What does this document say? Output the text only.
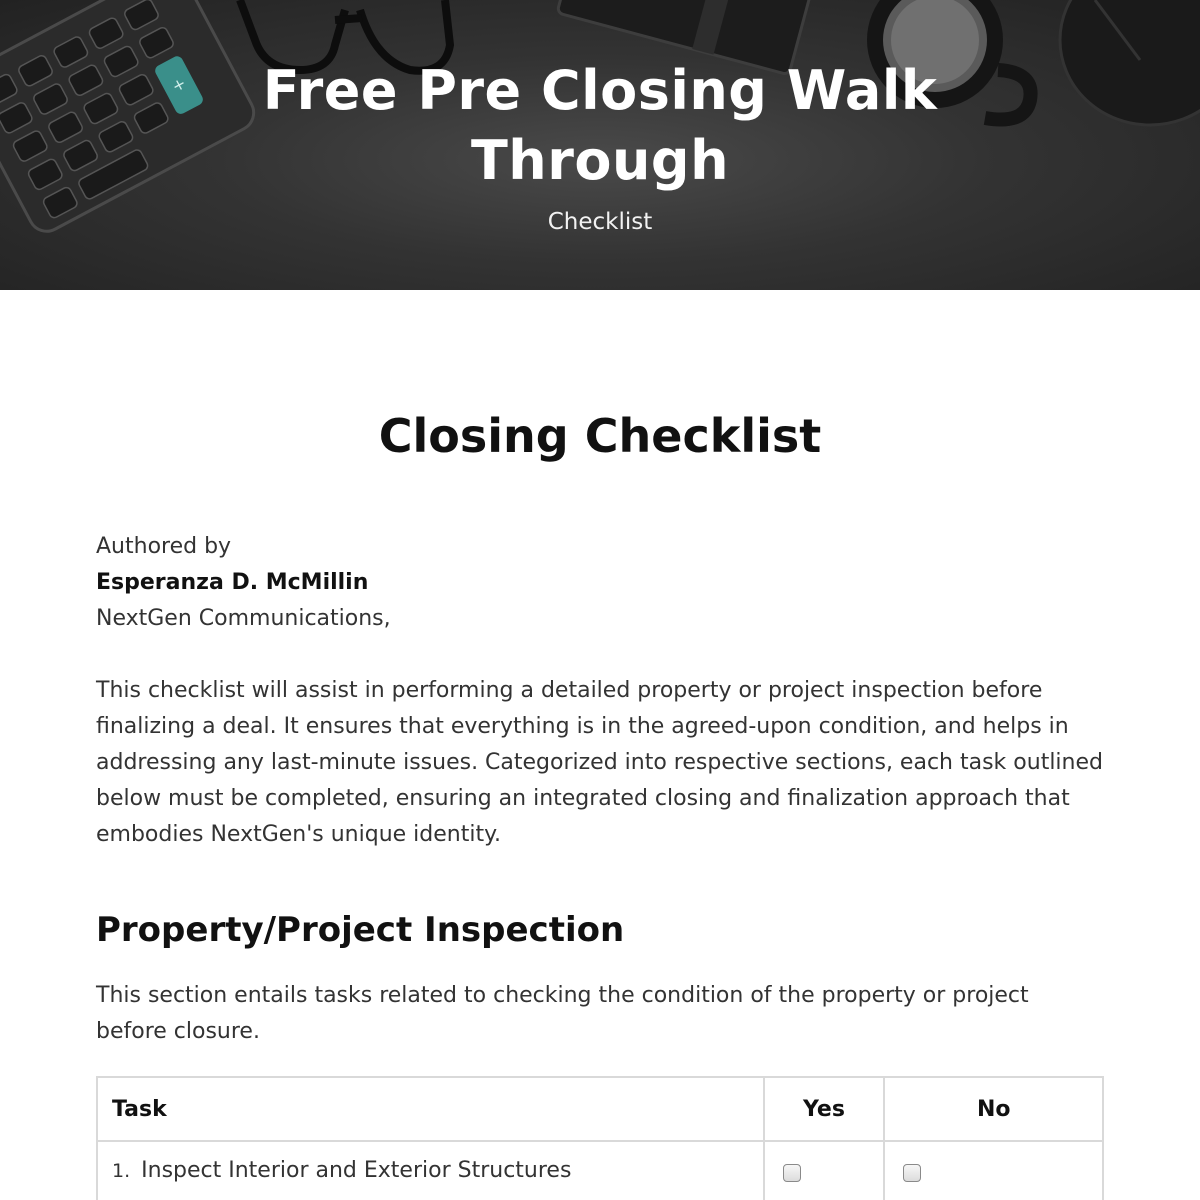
+	Free Pre Closing Walk
Through
Checklist
Closing Checklist
Authored by
Esperanza D. McMillin
NextGen Communications,
This checklist will assist in performing a detailed property or project inspection before finalizing a deal. It ensures that everything is in the agreed-upon condition, and helps in addressing any last-minute issues. Categorized into respective sections, each task outlined below must be completed, ensuring an integrated closing and finalization approach that embodies NextGen's unique identity.
Property/Project Inspection
This section entails tasks related to checking the condition of the property or project before closure.
Task	Yes	No
1. Inspect Interior and Exterior Structures		
